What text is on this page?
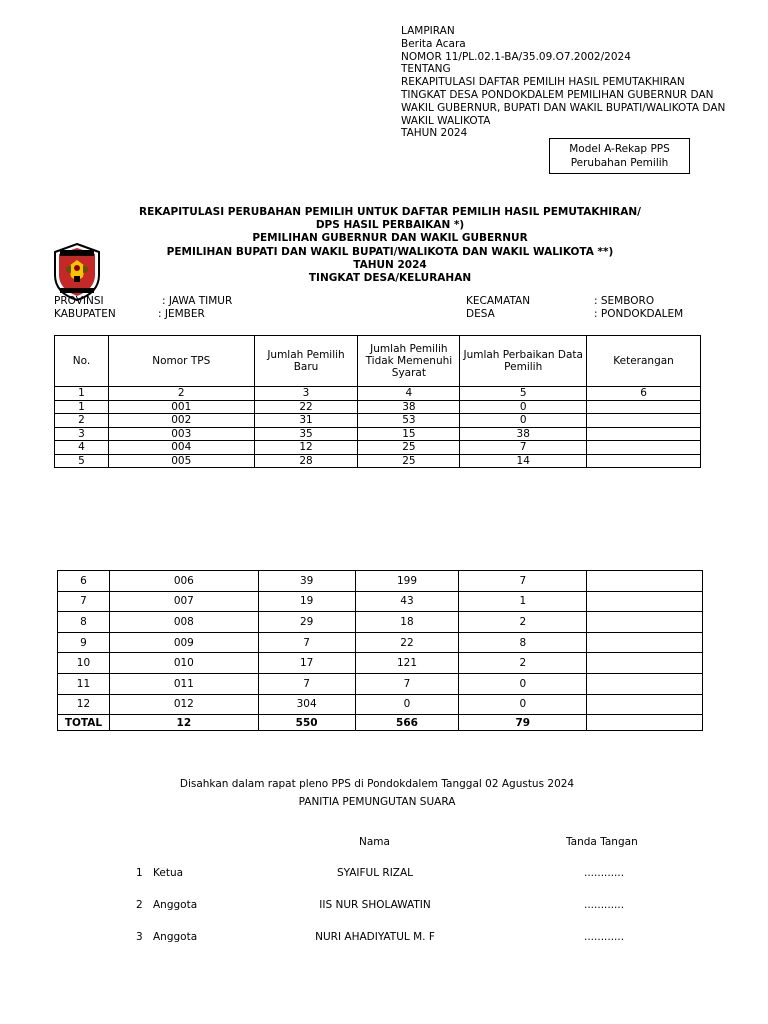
LAMPIRAN
Berita Acara
NOMOR 11/PL.02.1-BA/35.09.O7.2002/2024
TENTANG
REKAPITULASI DAFTAR PEMILIH HASIL PEMUTAKHIRAN
TINGKAT DESA PONDOKDALEM PEMILIHAN GUBERNUR DAN
WAKIL GUBERNUR, BUPATI DAN WAKIL BUPATI/WALIKOTA DAN
WAKIL WALIKOTA
TAHUN 2024
Model A-Rekap PPS
Perubahan Pemilih
REKAPITULASI PERUBAHAN PEMILIH UNTUK DAFTAR PEMILIH HASIL PEMUTAKHIRAN/
DPS HASIL PERBAIKAN *)
PEMILIHAN GUBERNUR DAN WAKIL GUBERNUR
PEMILIHAN BUPATI DAN WAKIL BUPATI/WALIKOTA DAN WAKIL WALIKOTA **)
TAHUN 2024
TINGKAT DESA/KELURAHAN
PROVINSI	: JAWA TIMUR
KABUPATEN	: JEMBER
KECAMATAN	: SEMBORO
DESA	: PONDOKDALEM
No.	Nomor TPS	Jumlah Pemilih Baru	Jumlah Pemilih Tidak Memenuhi Syarat	Jumlah Perbaikan Data Pemilih	Keterangan
1	2	3	4	5	6
1	001	22	38	0	
2	002	31	53	0	
3	003	35	15	38	
4	004	12	25	7	
5	005	28	25	14	
6	006	39	199	7	
7	007	19	43	1	
8	008	29	18	2	
9	009	7	22	8	
10	010	17	121	2	
11	011	7	7	0	
12	012	304	0	0	
TOTAL	12	550	566	79	
Disahkan dalam rapat pleno PPS di Pondokdalem Tanggal 02 Agustus 2024
PANITIA PEMUNGUTAN SUARA
Nama	Tanda Tangan
1 Ketua	SYAIFUL RIZAL	............
2 Anggota	IIS NUR SHOLAWATIN	............
3 Anggota	NURI AHADIYATUL M. F	............
